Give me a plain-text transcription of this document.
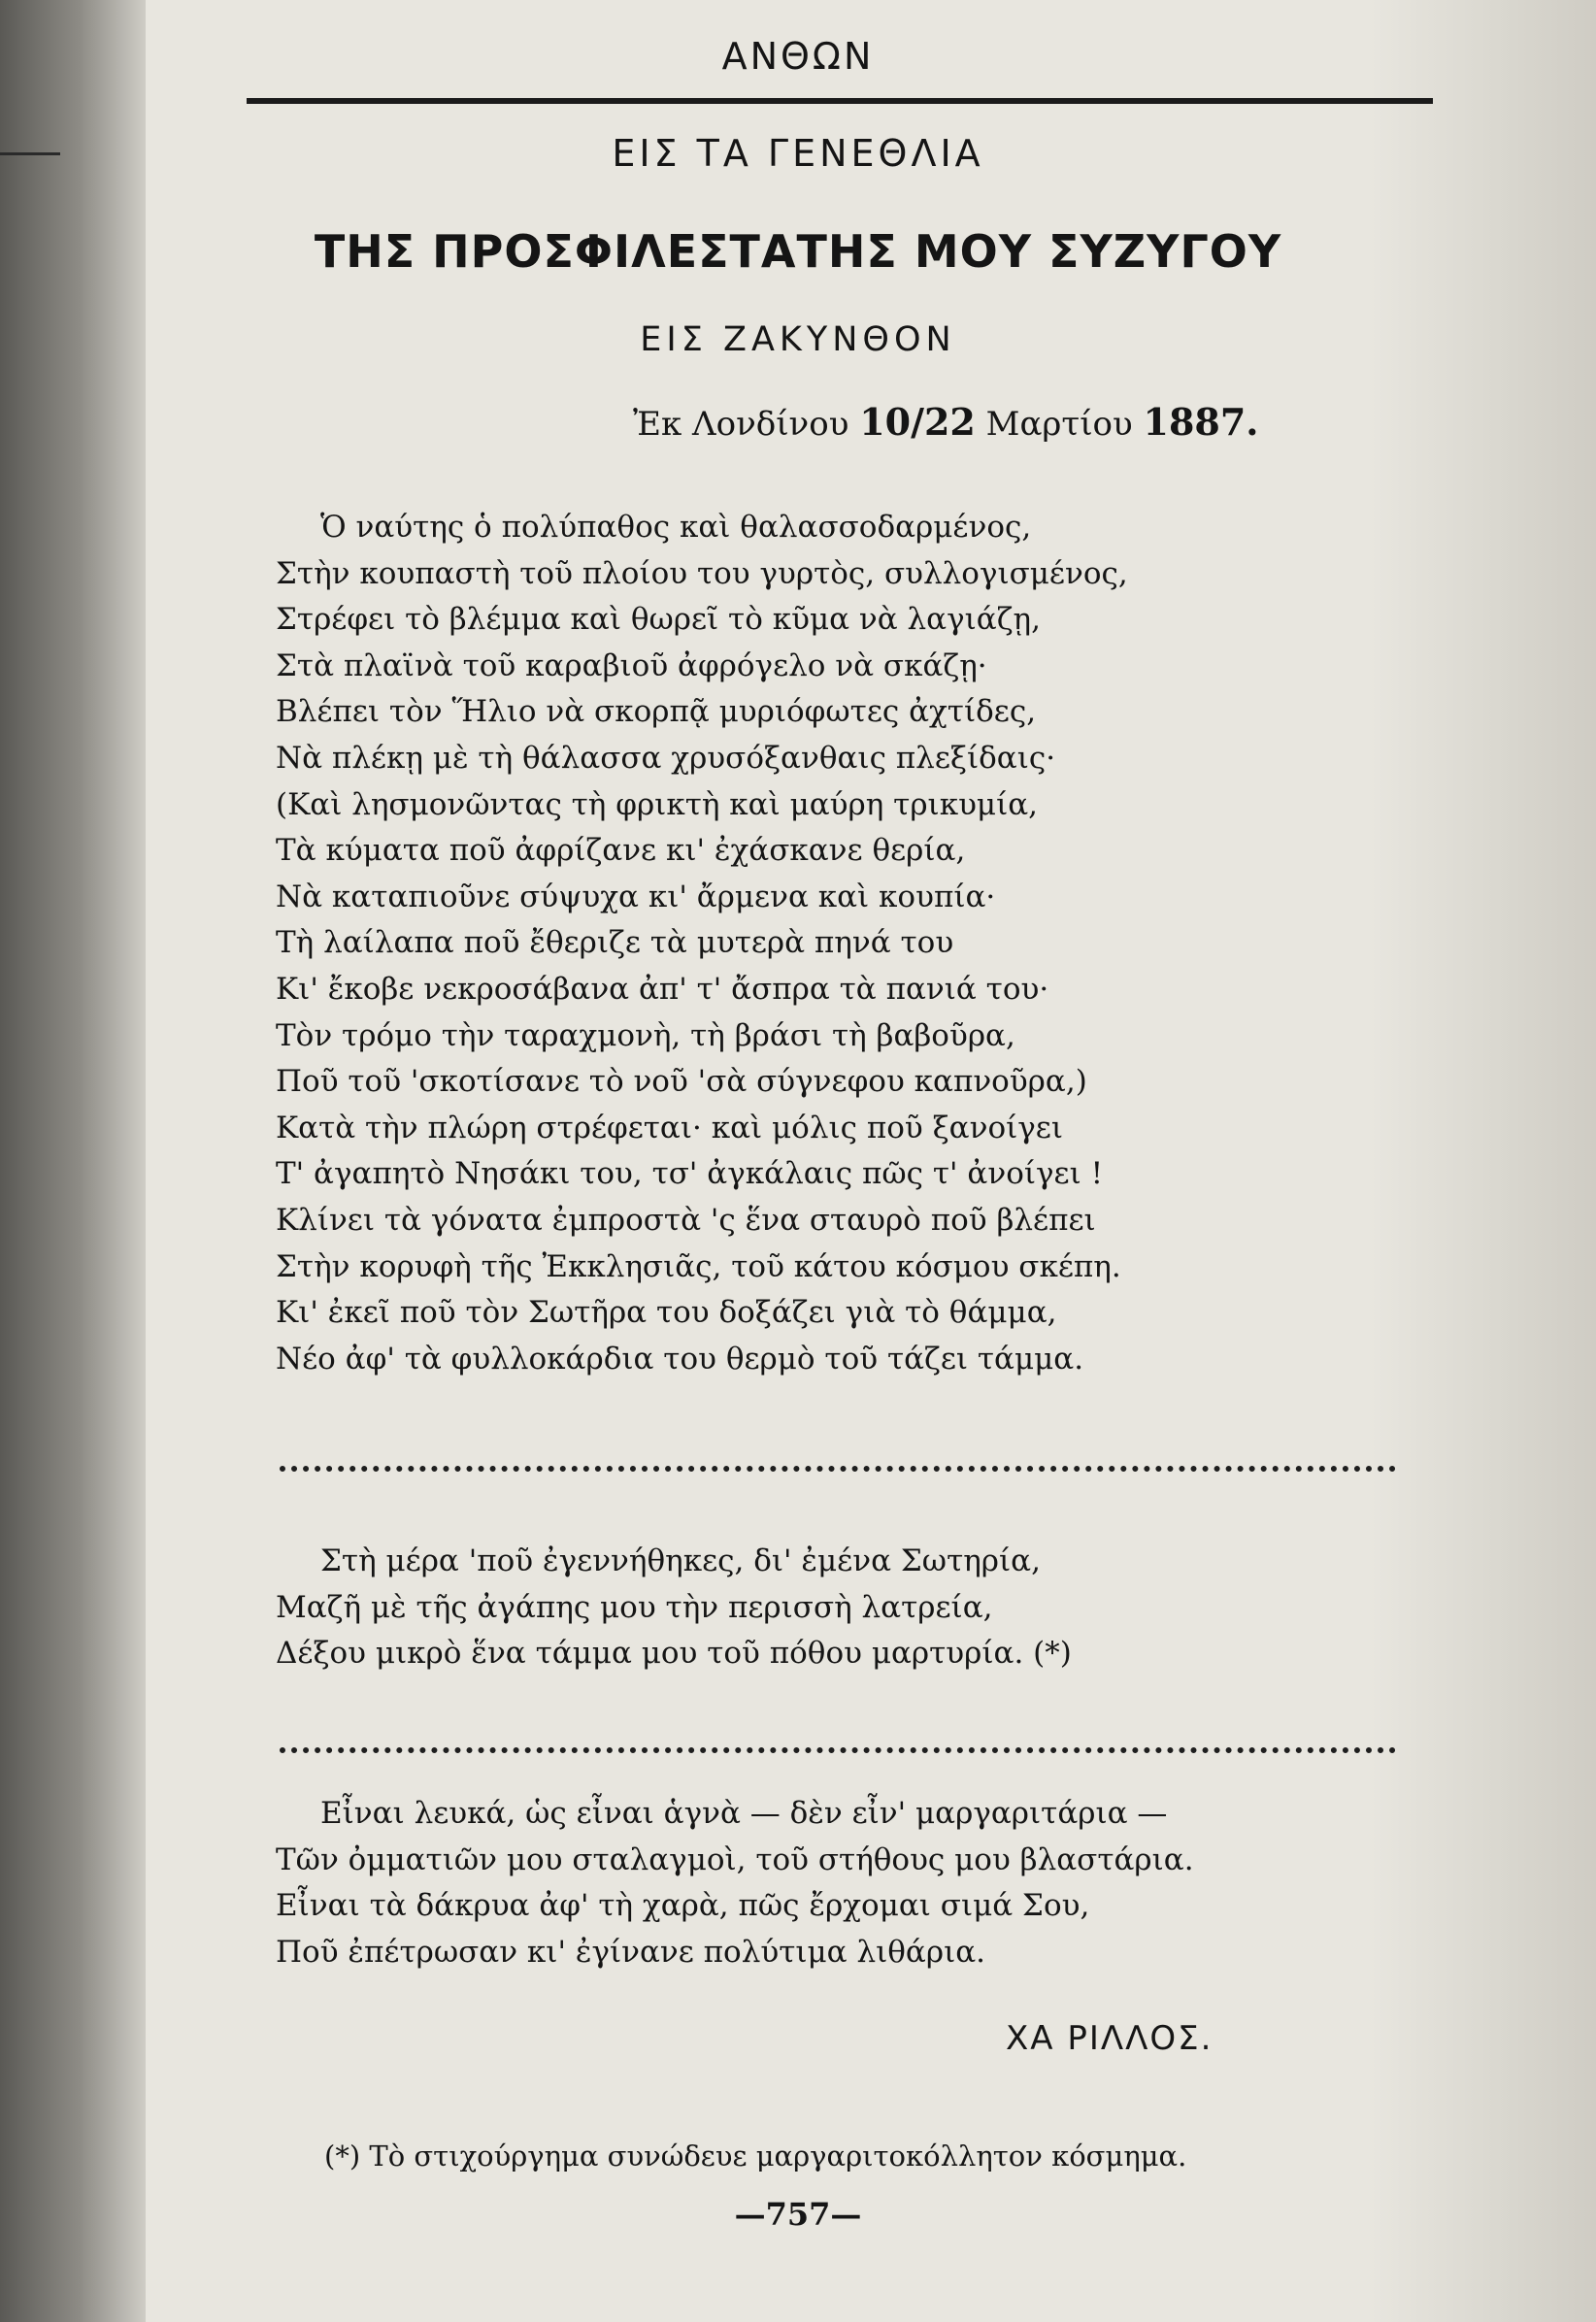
ΑΝΘΩΝ
ΕΙΣ ΤΑ ΓΕΝΕΘΛΙΑ
ΤΗΣ ΠΡΟΣΦΙΛΕΣΤΑΤΗΣ ΜΟΥ ΣΥΖΥΓΟΥ
ΕΙΣ ΖΑΚΥΝΘΟΝ
Ἐκ Λονδίνου 10/22 Μαρτίου 1887.
Ὁ ναύτης ὁ πολύπαθος καὶ θαλασσοδαρμένος,
Στὴν κουπαστὴ τοῦ πλοίου του γυρτὸς, συλλογισμένος,
Στρέφει τὸ βλέμμα καὶ θωρεῖ τὸ κῦμα νὰ λαγιάζῃ,
Στὰ πλαϊνὰ τοῦ καραβιοῦ ἀφρόγελο νὰ σκάζῃ·
Βλέπει τὸν Ἥλιο νὰ σκορπᾷ μυριόφωτες ἀχτίδες,
Νὰ πλέκῃ μὲ τὴ θάλασσα χρυσόξανθαις πλεξίδαις·
(Καὶ λησμονῶντας τὴ φρικτὴ καὶ μαύρη τρικυμία,
Τὰ κύματα ποῦ ἀφρίζανε κι' ἐχάσκανε θερία,
Νὰ καταπιοῦνε σύψυχα κι' ἄρμενα καὶ κουπία·
Τὴ λαίλαπα ποῦ ἔθεριζε τὰ μυτερὰ πηνά του
Κι' ἔκοβε νεκροσάβανα ἀπ' τ' ἄσπρα τὰ πανιά του·
Τὸν τρόμο τὴν ταραχμονὴ, τὴ βράσι τὴ βαβοῦρα,
Ποῦ τοῦ 'σκοτίσανε τὸ νοῦ 'σὰ σύγνεφου καπνοῦρα,)
Κατὰ τὴν πλώρη στρέφεται· καὶ μόλις ποῦ ξανοίγει
Τ' ἀγαπητὸ Νησάκι του, τσ' ἀγκάλαις πῶς τ' ἀνοίγει !
Κλίνει τὰ γόνατα ἐμπροστὰ 'ς ἕνα σταυρὸ ποῦ βλέπει
Στὴν κορυφὴ τῆς Ἐκκλησιᾶς, τοῦ κάτου κόσμου σκέπη.
Κι' ἐκεῖ ποῦ τὸν Σωτῆρα του δοξάζει γιὰ τὸ θάμμα,
Νέο ἀφ' τὰ φυλλοκάρδια του θερμὸ τοῦ τάζει τάμμα.
Στὴ μέρα 'ποῦ ἐγεννήθηκες, δι' ἐμένα Σωτηρία,
Μαζῆ μὲ τῆς ἀγάπης μου τὴν περισσὴ λατρεία,
Δέξου μικρὸ ἕνα τάμμα μου τοῦ πόθου μαρτυρία. (*)
Εἶναι λευκά, ὡς εἶναι ἁγνὰ — δὲν εἶν' μαργαριτάρια —
Τῶν ὀμματιῶν μου σταλαγμοὶ, τοῦ στήθους μου βλαστάρια.
Εἶναι τὰ δάκρυα ἀφ' τὴ χαρὰ, πῶς ἔρχομαι σιμά Σου,
Ποῦ ἐπέτρωσαν κι' ἐγίνανε πολύτιμα λιθάρια.
ΧΑ ΡΙΛΛΟΣ.
(*) Τὸ στιχούργημα συνώδευε μαργαριτοκόλλητον κόσμημα.
—757—
